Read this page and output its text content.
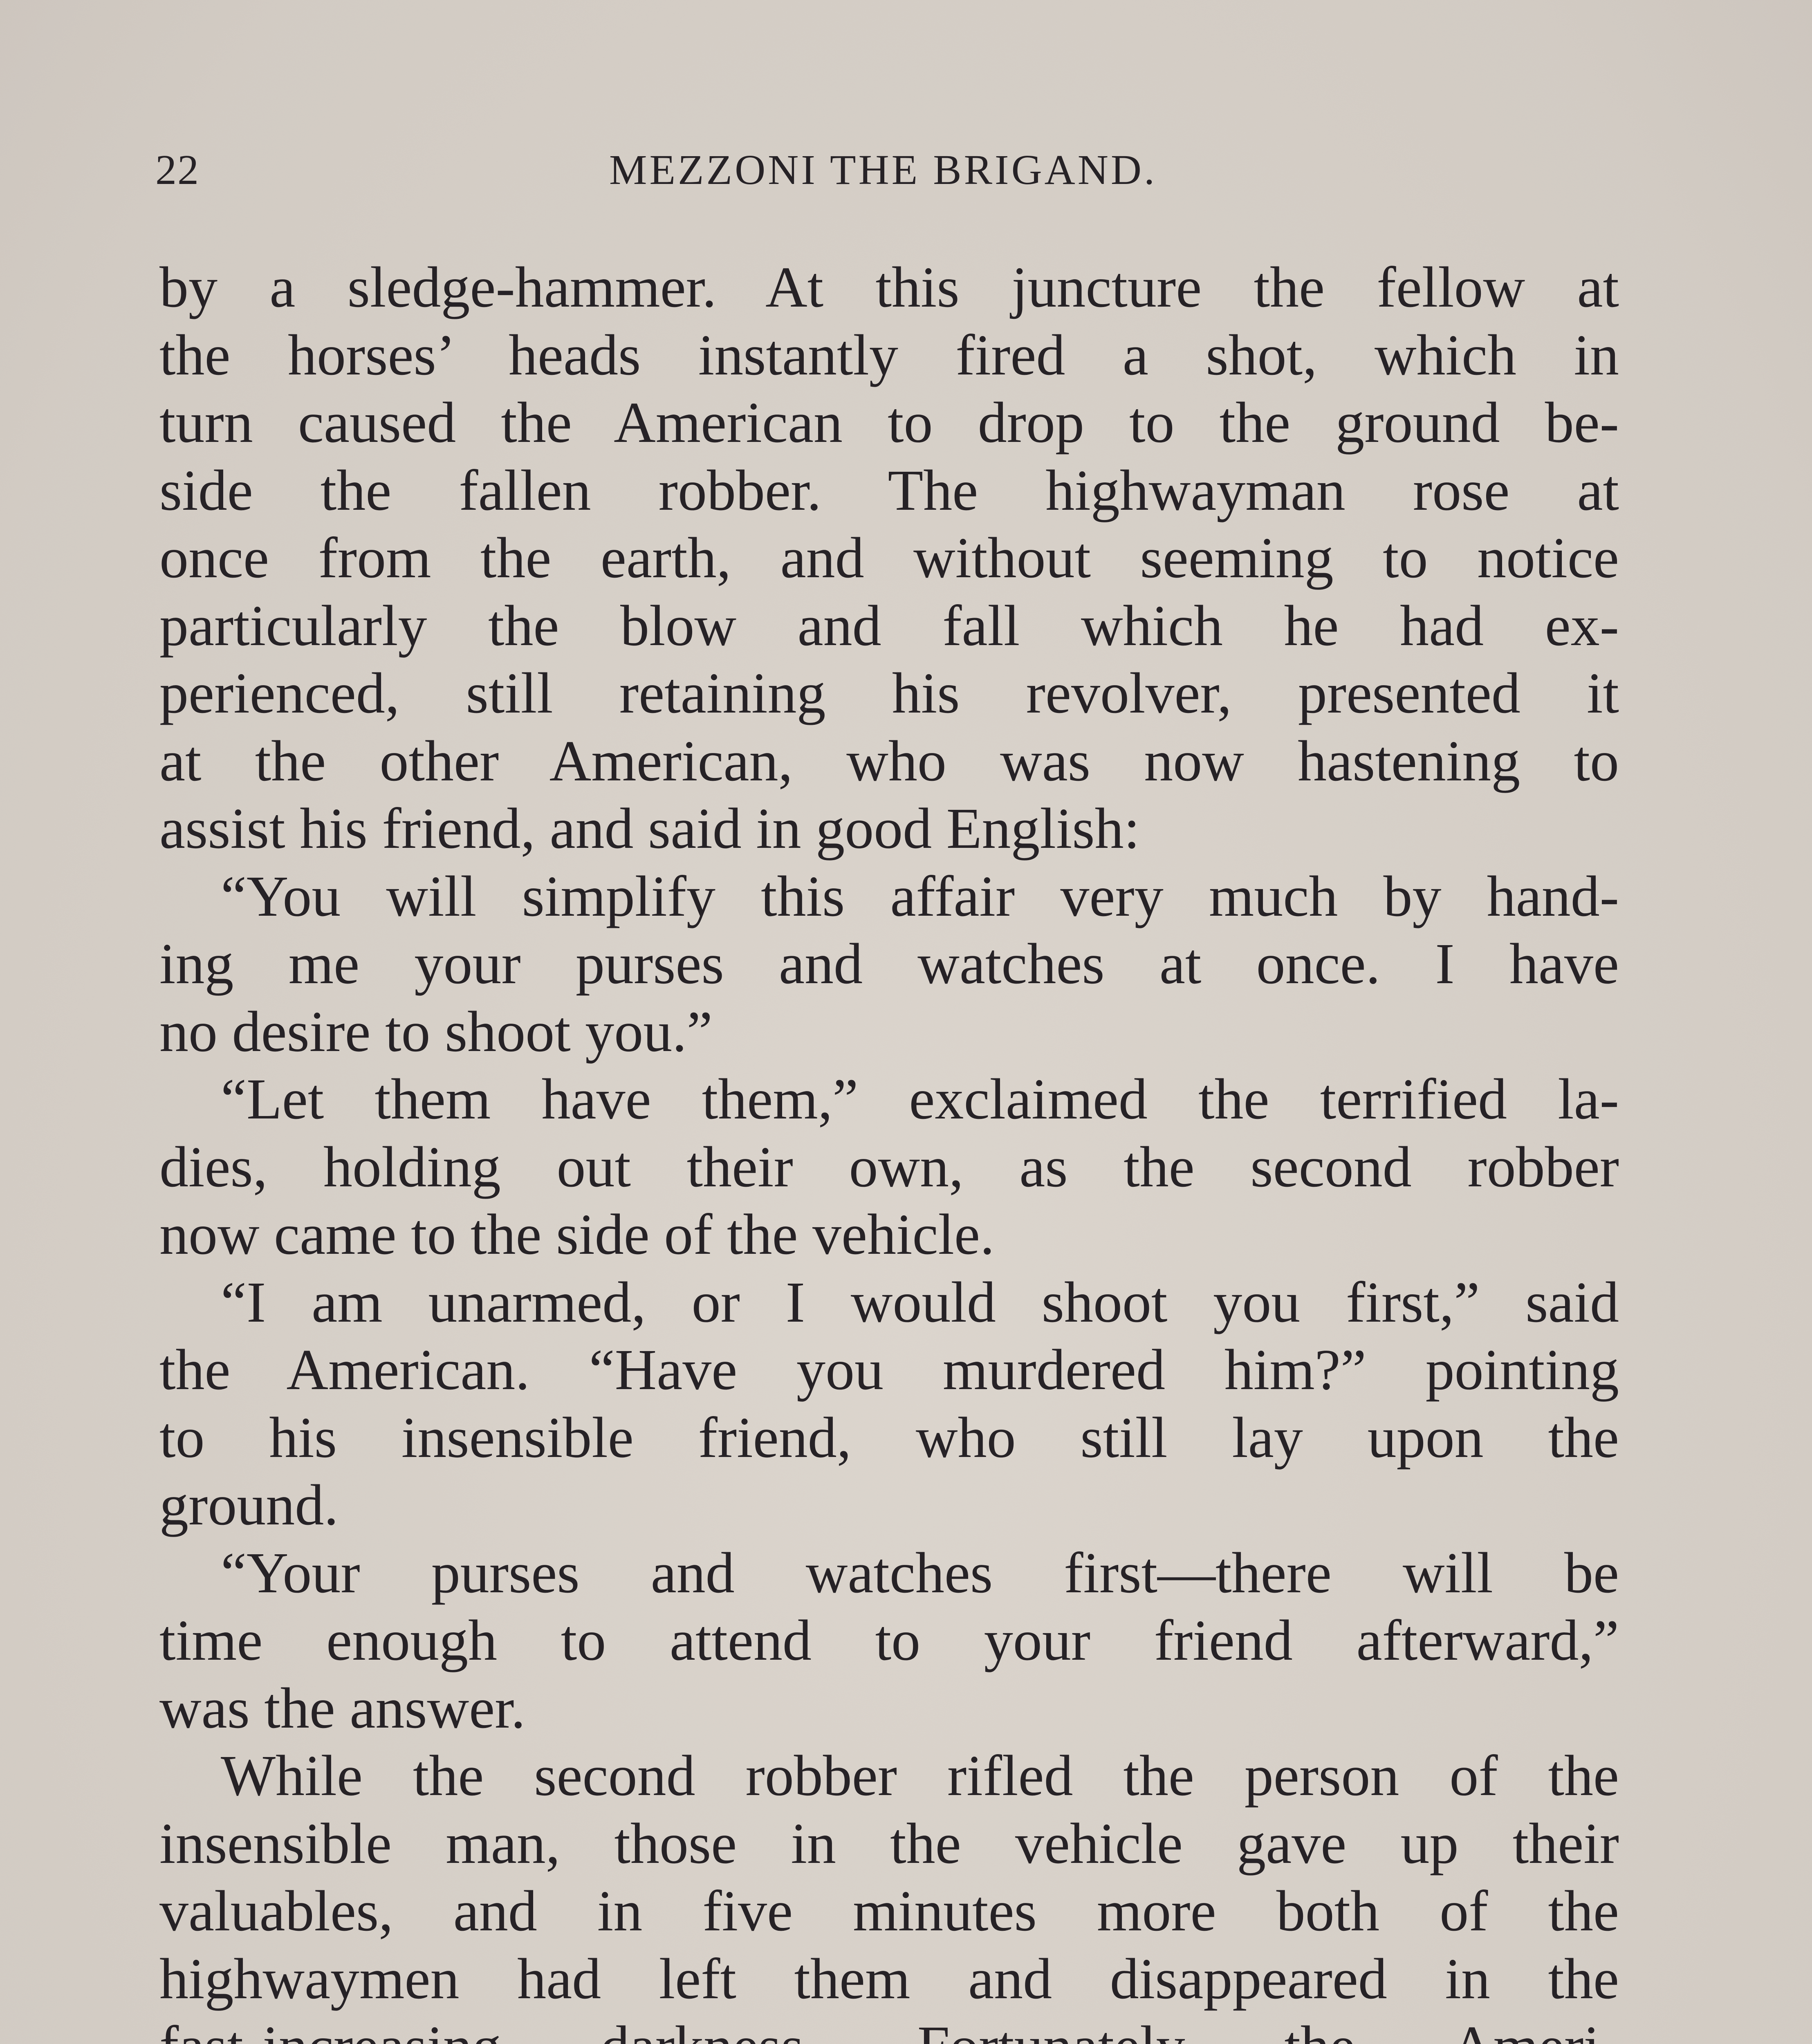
22	MEZZONI THE BRIGAND.
by a sledge-hammer. At this juncture the fellow at
the horses’ heads instantly fired a shot, which in
turn caused the American to drop to the ground be-
side the fallen robber. The highwayman rose at
once from the earth, and without seeming to notice
particularly the blow and fall which he had ex-
perienced, still retaining his revolver, presented it
at the other American, who was now hastening to
assist his friend, and said in good English:
“You will simplify this affair very much by hand-
ing me your purses and watches at once. I have
no desire to shoot you.”
“Let them have them,” exclaimed the terrified la-
dies, holding out their own, as the second robber
now came to the side of the vehicle.
“I am unarmed, or I would shoot you first,” said
the American. “Have you murdered him?” pointing
to his insensible friend, who still lay upon the
ground.
“Your purses and watches first—there will be
time enough to attend to your friend afterward,”
was the answer.
While the second robber rifled the person of the
insensible man, those in the vehicle gave up their
valuables, and in five minutes more both of the
highwaymen had left them and disappeared in the
